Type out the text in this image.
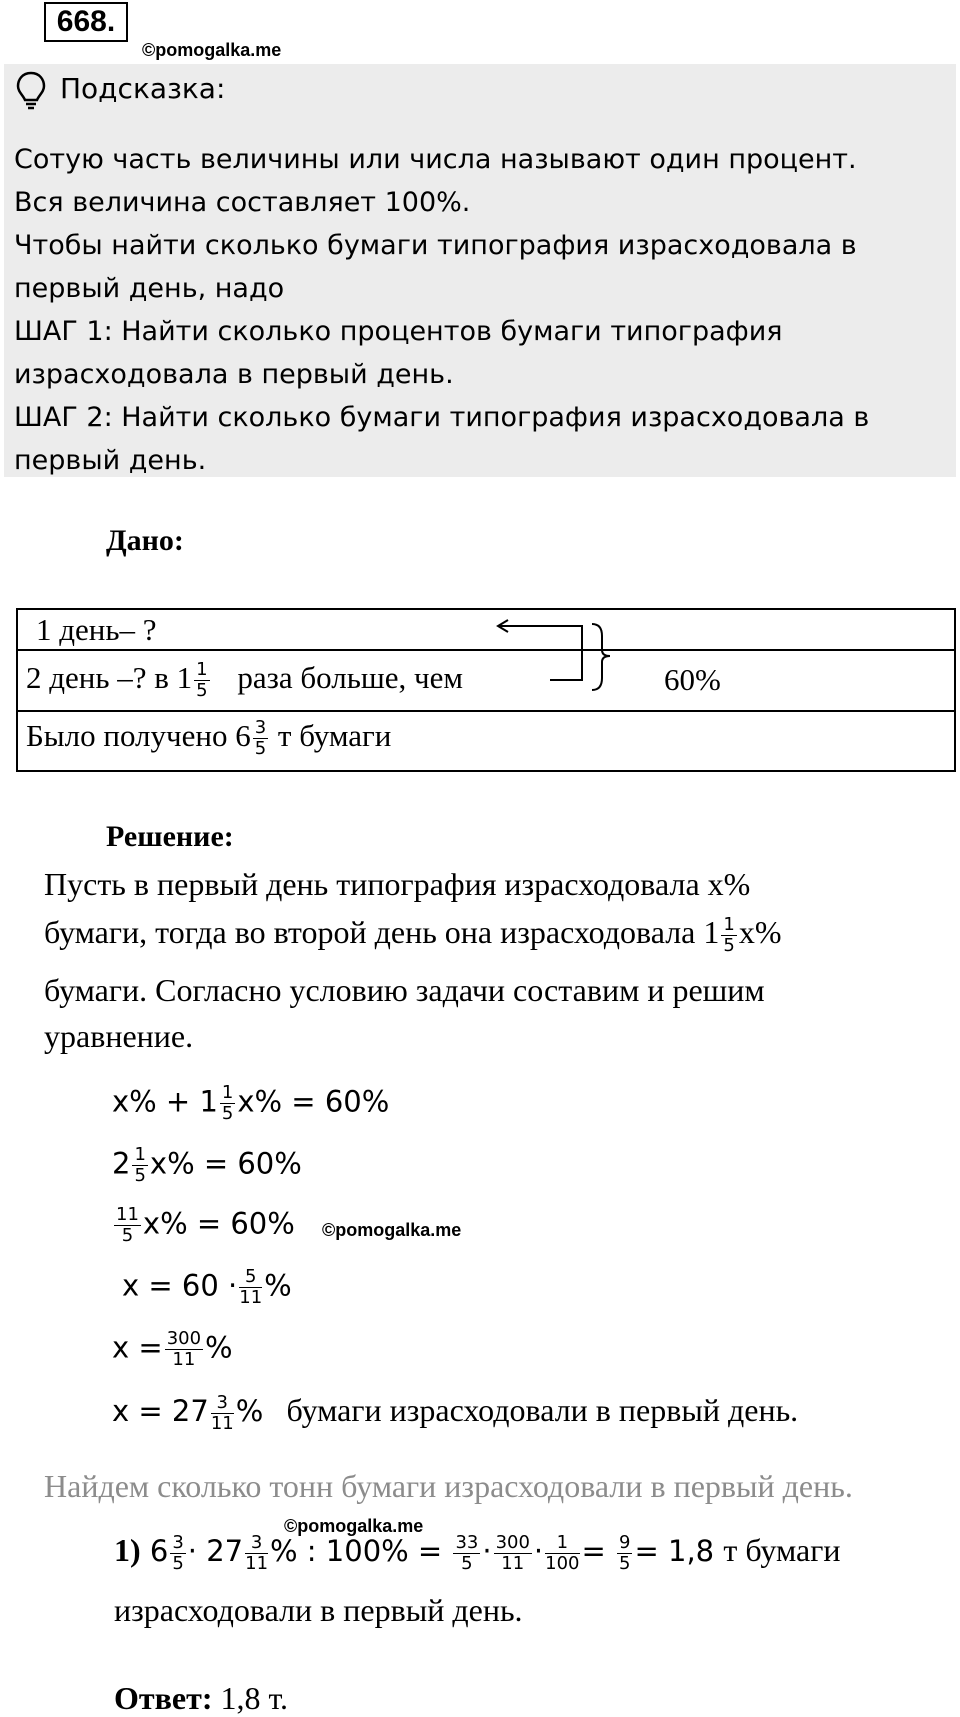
668.
©pomogalka.me
Подсказка:
Сотую часть величины или числа называют один процент.
Вся величина составляет 100%.
Чтобы найти сколько бумаги типография израсходовала в
первый день, надо
ШАГ 1: Найти сколько процентов бумаги типография
израсходовала в первый день.
ШАГ 2: Найти сколько бумаги типография израсходовала в
первый день.
Дано:
1 день– ?
2 день –? в $1 \frac{1}{5}$ раза больше, чем	60%
Было получено $6 \frac{3}{5}$ т бумаги
Решение:
Пусть в первый день типография израсходовала x%
бумаги, тогда во второй день она израсходовала $1 \frac{1}{5} x\%$
бумаги. Согласно условию задачи составим и решим
уравнение.
$x\% + 1 \frac{1}{5} x\% = 60\%$
$2 \frac{1}{5} x\% = 60\%$
$\frac{11}{5} x\% = 60\%$ ©pomogalka.me
$x = 60 \cdot \frac{5}{11}$ %
$x = \frac{300}{11}$ %
$x = 27 \frac{3}{11}$ % бумаги израсходовали в первый день.
Найдем сколько тонн бумаги израсходовали в первый день.
©pomogalka.me
1) $6 \frac{3}{5} \cdot 27 \frac{3}{11}$ % : $100\% = \frac{33}{5} \cdot \frac{300}{11} \cdot \frac{1}{100} = \frac{9}{5} = 1,8$ т бумаги
израсходовали в первый день.
Ответ: 1,8 т.
